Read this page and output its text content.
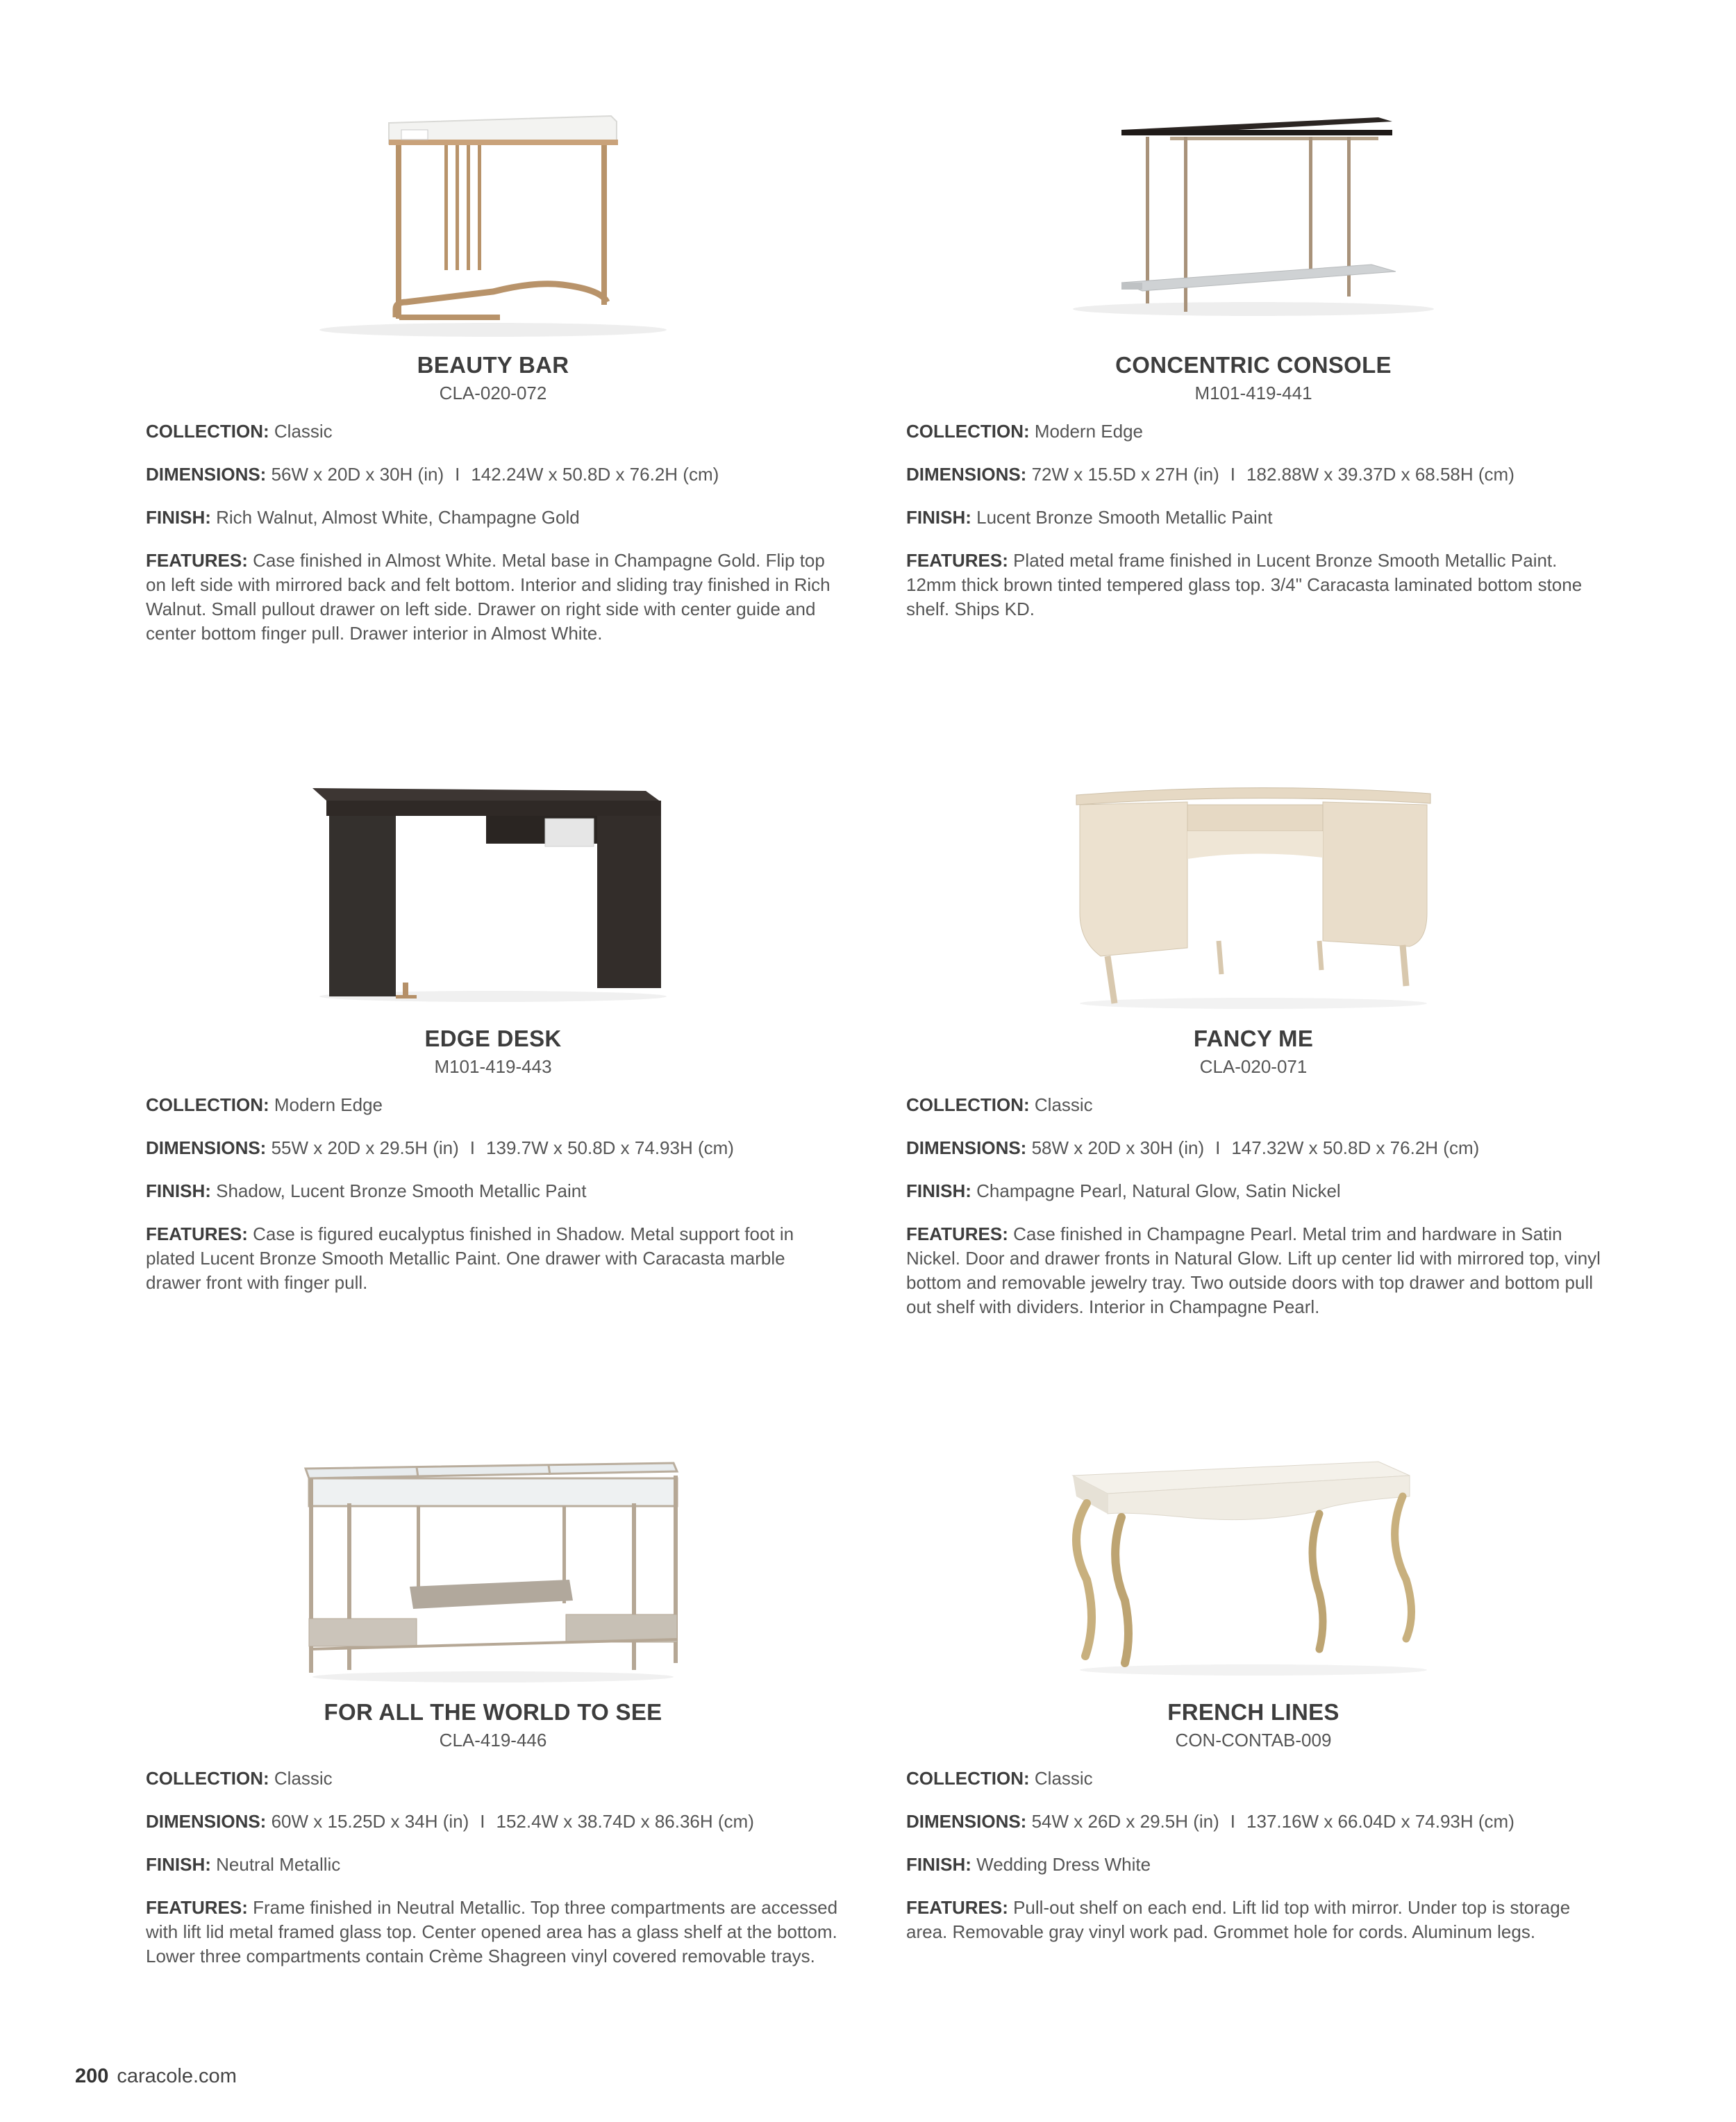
BEAUTY BAR
CLA-020-072
COLLECTION: Classic
DIMENSIONS: 56W x 20D x 30H (in) I 142.24W x 50.8D x 76.2H (cm)
FINISH: Rich Walnut, Almost White, Champagne Gold
FEATURES: Case finished in Almost White. Metal base in Champagne Gold. Flip top on left side with mirrored back and felt bottom. Interior and sliding tray finished in Rich Walnut. Small pullout drawer on left side. Drawer on right side with center guide and center bottom finger pull. Drawer interior in Almost White.
CONCENTRIC CONSOLE
M101-419-441
COLLECTION: Modern Edge
DIMENSIONS: 72W x 15.5D x 27H (in) I 182.88W x 39.37D x 68.58H (cm)
FINISH: Lucent Bronze Smooth Metallic Paint
FEATURES: Plated metal frame finished in Lucent Bronze Smooth Metallic Paint. 12mm thick brown tinted tempered glass top. 3/4" Caracasta laminated bottom stone shelf. Ships KD.
EDGE DESK
M101-419-443
COLLECTION: Modern Edge
DIMENSIONS: 55W x 20D x 29.5H (in) I 139.7W x 50.8D x 74.93H (cm)
FINISH: Shadow, Lucent Bronze Smooth Metallic Paint
FEATURES: Case is figured eucalyptus finished in Shadow. Metal support foot in plated Lucent Bronze Smooth Metallic Paint. One drawer with Caracasta marble drawer front with finger pull.
FANCY ME
CLA-020-071
COLLECTION: Classic
DIMENSIONS: 58W x 20D x 30H (in) I 147.32W x 50.8D x 76.2H (cm)
FINISH: Champagne Pearl, Natural Glow, Satin Nickel
FEATURES: Case finished in Champagne Pearl. Metal trim and hardware in Satin Nickel. Door and drawer fronts in Natural Glow. Lift up center lid with mirrored top, vinyl bottom and removable jewelry tray. Two outside doors with top drawer and bottom pull out shelf with dividers. Interior in Champagne Pearl.
FOR ALL THE WORLD TO SEE
CLA-419-446
COLLECTION: Classic
DIMENSIONS: 60W x 15.25D x 34H (in) I 152.4W x 38.74D x 86.36H (cm)
FINISH: Neutral Metallic
FEATURES: Frame finished in Neutral Metallic. Top three compartments are accessed with lift lid metal framed glass top. Center opened area has a glass shelf at the bottom. Lower three compartments contain Crème Shagreen vinyl covered removable trays.
FRENCH LINES
CON-CONTAB-009
COLLECTION: Classic
DIMENSIONS: 54W x 26D x 29.5H (in) I 137.16W x 66.04D x 74.93H (cm)
FINISH: Wedding Dress White
FEATURES: Pull-out shelf on each end. Lift lid top with mirror. Under top is storage area. Removable gray vinyl work pad. Grommet hole for cords. Aluminum legs.
200 caracole.com
